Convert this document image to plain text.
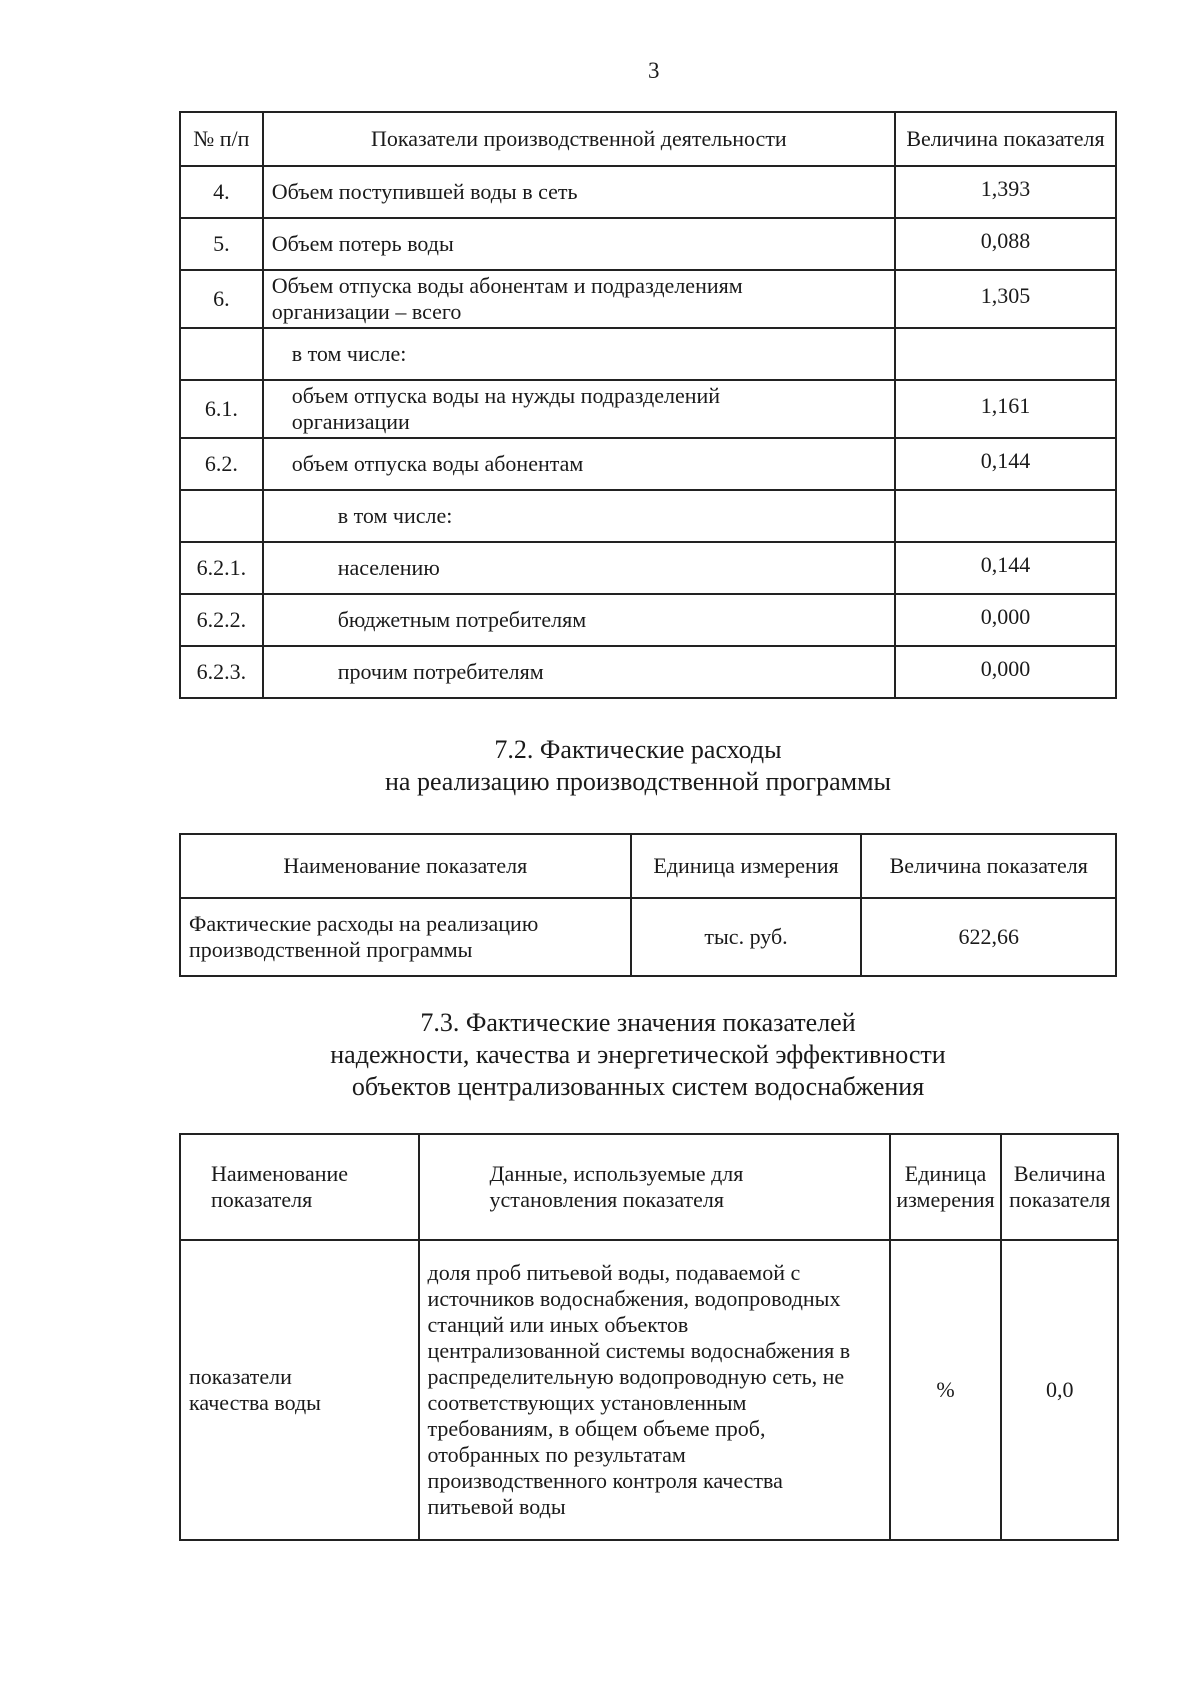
3
№ п/п	Показатели производственной деятельности	Величина показателя
4.	Объем поступившей воды в сеть	1,393
5.	Объем потерь воды	0,088
6.	Объем отпуска воды абонентам и подразделениям организации – всего	1,305
	в том числе:	
6.1.	объем отпуска воды на нужды подразделений организации	1,161
6.2.	объем отпуска воды абонентам	0,144
	в том числе:	
6.2.1.	населению	0,144
6.2.2.	бюджетным потребителям	0,000
6.2.3.	прочим потребителям	0,000
7.2. Фактические расходы
на реализацию производственной программы
Наименование показателя	Единица измерения	Величина показателя
Фактические расходы на реализацию производственной программы	тыс. руб.	622,66
7.3. Фактические значения показателей
надежности, качества и энергетической эффективности
объектов централизованных систем водоснабжения
Наименование показателя	Данные, используемые для установления показателя	Единица измерения	Величина показателя
показатели качества воды	доля проб питьевой воды, подаваемой с источников водоснабжения, водопроводных станций или иных объектов централизованной системы водоснабжения в распределительную водопроводную сеть, не соответствующих установленным требованиям, в общем объеме проб, отобранных по результатам производственного контроля качества питьевой воды	%	0,0
